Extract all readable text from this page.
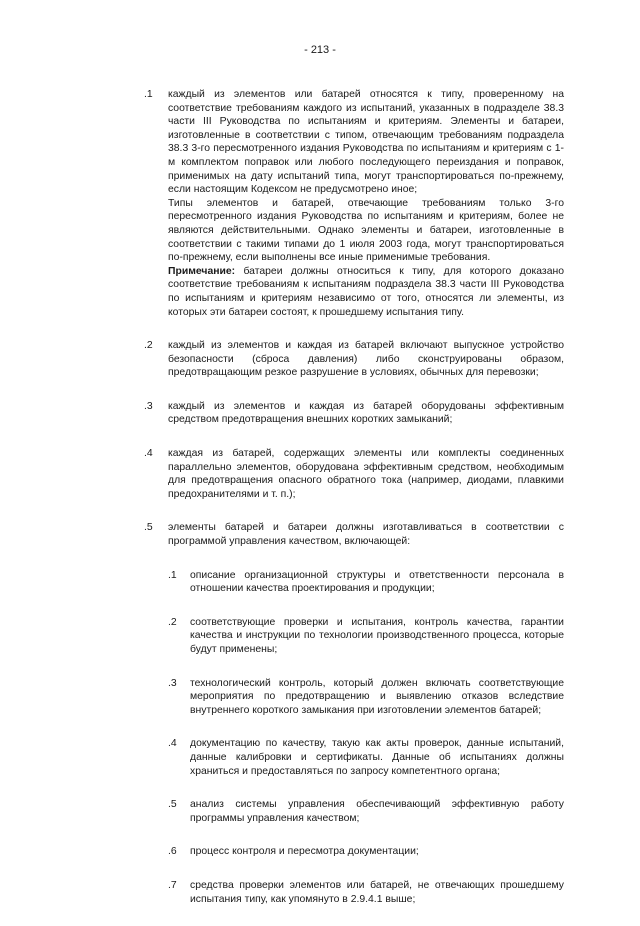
- 213 -
.1 каждый из элементов или батарей относятся к типу, проверенному на соответствие требованиям каждого из испытаний, указанных в подразделе 38.3 части III Руководства по испытаниям и критериям. Элементы и батареи, изготовленные в соответствии с типом, отвечающим требованиям подраздела 38.3 3-го пересмотренного издания Руководства по испытаниям и критериям с 1-м комплектом поправок или любого последующего переиздания и поправок, применимых на дату испытаний типа, могут транспортироваться по-прежнему, если настоящим Кодексом не предусмотрено иное;

Типы элементов и батарей, отвечающие требованиям только 3-го пересмотренного издания Руководства по испытаниям и критериям, более не являются действительными. Однако элементы и батареи, изготовленные в соответствии с такими типами до 1 июля 2003 года, могут транспортироваться по-прежнему, если выполнены все иные применимые требования.

Примечание: батареи должны относиться к типу, для которого доказано соответствие требованиям к испытаниям подраздела 38.3 части III Руководства по испытаниям и критериям независимо от того, относятся ли элементы, из которых эти батареи состоят, к прошедшему испытания типу.

.2 каждый из элементов и каждая из батарей включают выпускное устройство безопасности (сброса давления) либо сконструированы образом, предотвращающим резкое разрушение в условиях, обычных для перевозки;

.3 каждый из элементов и каждая из батарей оборудованы эффективным средством предотвращения внешних коротких замыканий;

.4 каждая из батарей, содержащих элементы или комплекты соединенных параллельно элементов, оборудована эффективным средством, необходимым для предотвращения опасного обратного тока (например, диодами, плавкими предохранителями и т. п.);

.5 элементы батарей и батареи должны изготавливаться в соответствии с программой управления качеством, включающей:

.1 описание организационной структуры и ответственности персонала в отношении качества проектирования и продукции;

.2 соответствующие проверки и испытания, контроль качества, гарантии качества и инструкции по технологии производственного процесса, которые будут применены;

.3 технологический контроль, который должен включать соответствующие мероприятия по предотвращению и выявлению отказов вследствие внутреннего короткого замыкания при изготовлении элементов батарей;

.4 документацию по качеству, такую как акты проверок, данные испытаний, данные калибровки и сертификаты. Данные об испытаниях должны храниться и предоставляться по запросу компетентного органа;

.5 анализ системы управления обеспечивающий эффективную работу программы управления качеством;

.6 процесс контроля и пересмотра документации;

.7 средства проверки элементов или батарей, не отвечающих прошедшему испытания типу, как упомянуто в 2.9.4.1 выше;
